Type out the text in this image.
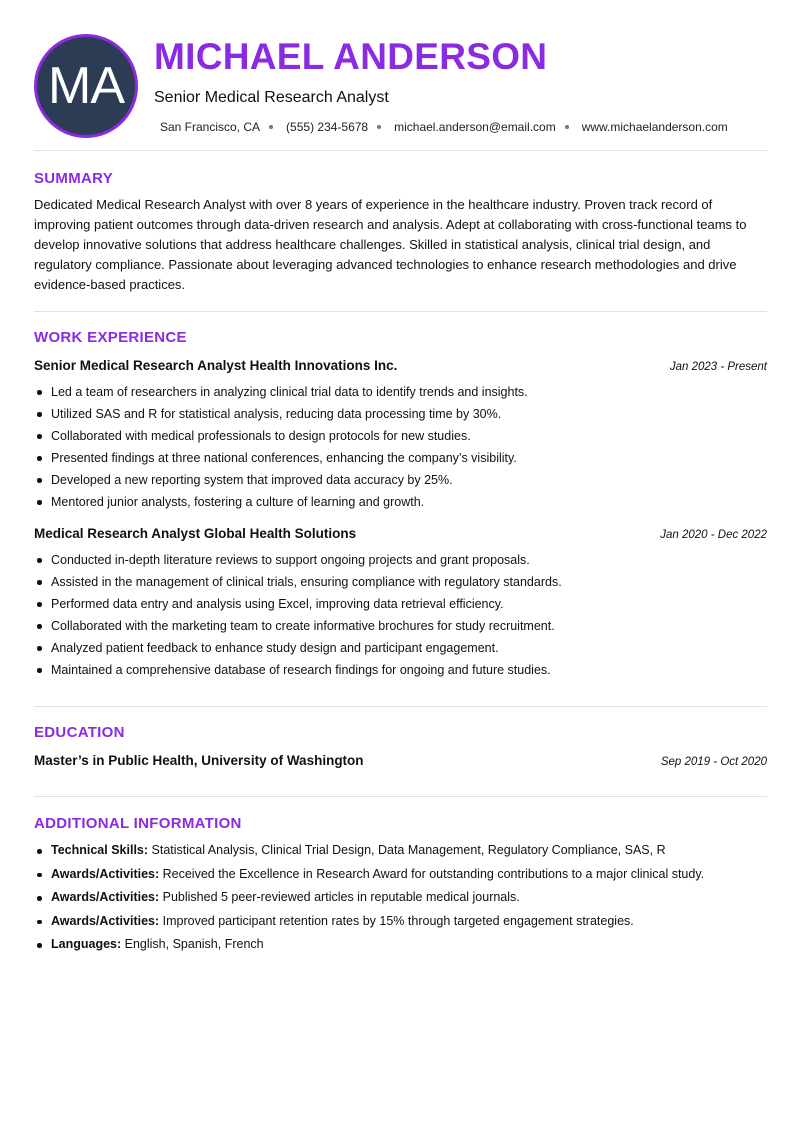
MA
MICHAEL ANDERSON
Senior Medical Research Analyst
San Francisco, CA (555) 234-5678 michael.anderson@email.com www.michaelanderson.com
SUMMARY

Dedicated Medical Research Analyst with over 8 years of experience in the healthcare industry. Proven track record of improving patient outcomes through data-driven research and analysis. Adept at collaborating with cross-functional teams to develop innovative solutions that address healthcare challenges. Skilled in statistical analysis, clinical trial design, and regulatory compliance. Passionate about leveraging advanced technologies to enhance research methodologies and drive evidence-based practices.

WORK EXPERIENCE
Senior Medical Research Analyst Health Innovations Inc.	Jan 2023 - Present
Led a team of researchers in analyzing clinical trial data to identify trends and insights.
Utilized SAS and R for statistical analysis, reducing data processing time by 30%.
Collaborated with medical professionals to design protocols for new studies.
Presented findings at three national conferences, enhancing the company’s visibility.
Developed a new reporting system that improved data accuracy by 25%.
Mentored junior analysts, fostering a culture of learning and growth.
Medical Research Analyst Global Health Solutions	Jan 2020 - Dec 2022
Conducted in-depth literature reviews to support ongoing projects and grant proposals.
Assisted in the management of clinical trials, ensuring compliance with regulatory standards.
Performed data entry and analysis using Excel, improving data retrieval efficiency.
Collaborated with the marketing team to create informative brochures for study recruitment.
Analyzed patient feedback to enhance study design and participant engagement.
Maintained a comprehensive database of research findings for ongoing and future studies.
EDUCATION
Master’s in Public Health, University of Washington	Sep 2019 - Oct 2020
ADDITIONAL INFORMATION
Technical Skills: Statistical Analysis, Clinical Trial Design, Data Management, Regulatory Compliance, SAS, R
Awards/Activities: Received the Excellence in Research Award for outstanding contributions to a major clinical study.
Awards/Activities: Published 5 peer-reviewed articles in reputable medical journals.
Awards/Activities: Improved participant retention rates by 15% through targeted engagement strategies.
Languages: English, Spanish, French
